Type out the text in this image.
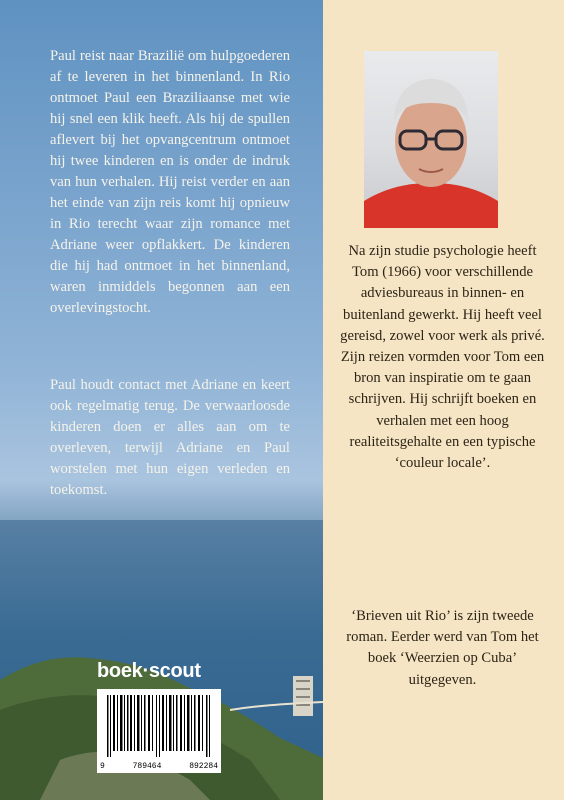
Paul reist naar Brazilië om hulpgoederen af te leveren in het binnenland. In Rio ontmoet Paul een Braziliaanse met wie hij snel een klik heeft. Als hij de spullen aflevert bij het opvangcentrum ontmoet hij twee kinderen en is onder de indruk van hun verhalen. Hij reist verder en aan het einde van zijn reis komt hij opnieuw in Rio terecht waar zijn romance met Adriane weer opflakkert. De kinderen die hij had ontmoet in het binnenland, waren inmiddels begonnen aan een overlevingstocht.

Paul houdt contact met Adriane en keert ook regelmatig terug. De verwaarloosde kinderen doen er alles aan om te overleven, terwijl Adriane en Paul worstelen met hun eigen verleden en toekomst.

Na zijn studie psychologie heeft Tom (1966) voor verschillende adviesbureaus in binnen- en buitenland gewerkt. Hij heeft veel gereisd, zowel voor werk als privé. Zijn reizen vormden voor Tom een bron van inspiratie om te gaan schrijven. Hij schrijft boeken en verhalen met een hoog realiteitsgehalte en een typische ‘couleur locale’.

‘Brieven uit Rio’ is zijn tweede roman. Eerder werd van Tom het boek ‘Weerzien op Cuba’ uitgegeven.

boek·scout
9	789464	892284
